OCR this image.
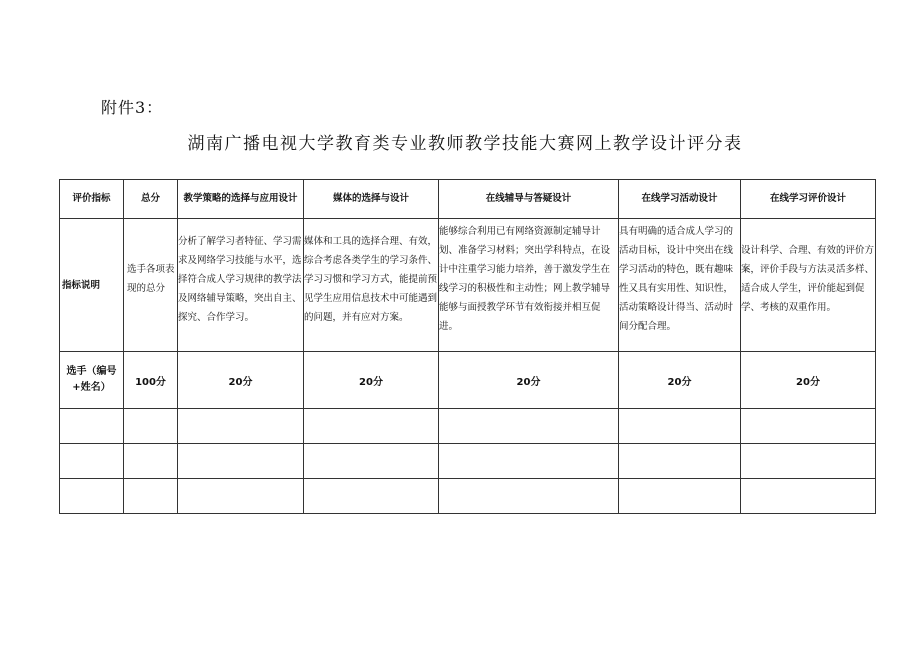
附件3：
湖南广播电视大学教育类专业教师教学技能大赛网上教学设计评分表
评价指标	总分	教学策略的选择与应用设计	媒体的选择与设计	在线辅导与答疑设计	在线学习活动设计	在线学习评价设计
指标说明	选手各项表现的总分	分析了解学习者特征、学习需求及网络学习技能与水平，选择符合成人学习规律的教学法及网络辅导策略，突出自主、探究、合作学习。	媒体和工具的选择合理、有效，综合考虑各类学生的学习条件、学习习惯和学习方式，能提前预见学生应用信息技术中可能遇到的问题，并有应对方案。	能够综合利用已有网络资源制定辅导计划、准备学习材料；突出学科特点，在设计中注重学习能力培养，善于激发学生在线学习的积极性和主动性；网上教学辅导能够与面授教学环节有效衔接并相互促进。	具有明确的适合成人学习的活动目标，设计中突出在线学习活动的特色，既有趣味性又具有实用性、知识性，活动策略设计得当、活动时间分配合理。	设计科学、合理、有效的评价方案，评价手段与方法灵活多样、适合成人学生，评价能起到促学、考核的双重作用。

选手（编号+姓名）	100分	20分	20分	20分	20分	20分
